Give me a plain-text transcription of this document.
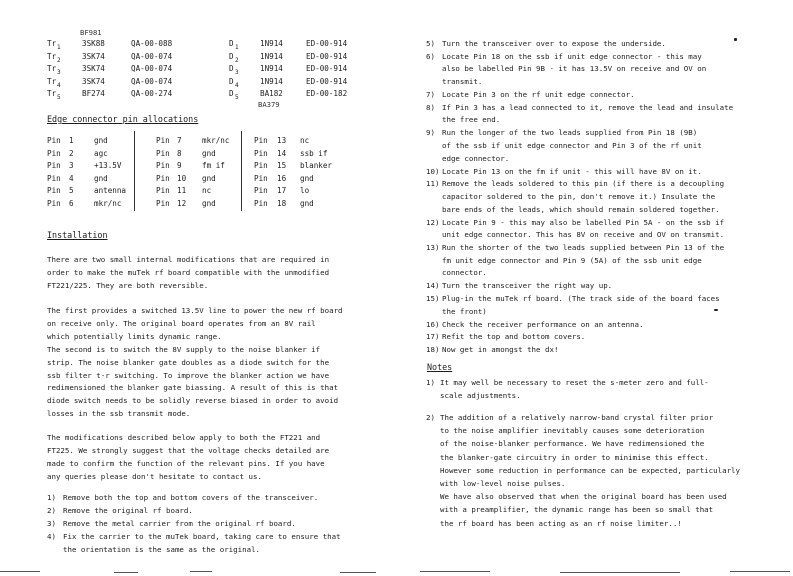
BF981
BA379
Tr 1	3SK88	QA-00-088	D 1	1N914	ED-00-914
Tr 2	3SK74	QA-00-074	D 2	1N914	ED-00-914
Tr 3	3SK74	QA-00-074	D 3	1N914	ED-00-914
Tr 4	3SK74	QA-00-074	D 4	1N914	ED-00-914
Tr 5	BF274	QA-00-274	D 5	BA182	ED-00-182
Edge connector pin allocations
Pin 1	gnd	Pin 7	mkr/nc	Pin 13 nc
Pin 2	agc	Pin 8	gnd	Pin 14 ssb if
Pin 3	+13.5V	Pin 9	fm if	Pin 15 blanker
Pin 4	gnd	Pin 10 gnd	Pin 16 gnd
Pin 5	antenna	Pin 11 nc	Pin 17 lo
Pin 6	mkr/nc	Pin 12 gnd	Pin 18 gnd
Installation
There are two small internal modifications that are required in
order to make the muTek rf board compatible with the unmodified
FT221/225. They are both reversible.
The first provides a switched 13.5V line to power the new rf board
on receive only. The original board operates from an 8V rail
which potentially limits dynamic range.
The second is to switch the 8V supply to the noise blanker if
strip. The noise blanker gate doubles as a diode switch for the
ssb filter t-r switching. To improve the blanker action we have
redimensioned the blanker gate biassing. A result of this is that
diode switch needs to be solidly reverse biased in order to avoid
losses in the ssb transmit mode.
The modifications described below apply to both the FT221 and
FT225. We strongly suggest that the voltage checks detailed are
made to confirm the function of the relevant pins. If you have
any queries please don't hesitate to contact us.
1) Remove both the top and bottom covers of the transceiver.
2) Remove the original rf board.
3) Remove the metal carrier from the original rf board.
4) Fix the carrier to the muTek board, taking care to ensure that
the orientation is the same as the original.
5) Turn the transceiver over to expose the underside.
6) Locate Pin 18 on the ssb if unit edge connector - this may
also be labelled Pin 9B - it has 13.5V on receive and OV on
transmit.
7) Locate Pin 3 on the rf unit edge connector.
8) If Pin 3 has a lead connected to it, remove the lead and insulate
the free end.
9) Run the longer of the two leads supplied from Pin 18 (9B)
of the ssb if unit edge connector and Pin 3 of the rf unit
edge connector.
10) Locate Pin 13 on the fm if unit - this will have 8V on it.
11) Remove the leads soldered to this pin (if there is a decoupling
capacitor soldered to the pin, don't remove it.) Insulate the
bare ends of the leads, which should remain soldered together.
12) Locate Pin 9 - this may also be labelled Pin 5A - on the ssb if
unit edge connector. This has 8V on receive and OV on transmit.
13) Run the shorter of the two leads supplied between Pin 13 of the
fm unit edge connector and Pin 9 (5A) of the ssb unit edge
connector.
14) Turn the transceiver the right way up.
15) Plug-in the muTek rf board. (The track side of the board faces
the front)
16) Check the receiver performance on an antenna.
17) Refit the top and bottom covers.
18) Now get in amongst the dx!
Notes
1) It may well be necessary to reset the s-meter zero and full-
scale adjustments.
2) The addition of a relatively narrow-band crystal filter prior
to the noise amplifier inevitably causes some deterioration
of the noise-blanker performance. We have redimensioned the
the blanker-gate circuitry in order to minimise this effect.
However some reduction in performance can be expected, particularly
with low-level noise pulses.
We have also observed that when the original board has been used
with a preamplifier, the dynamic range has been so small that
the rf board has been acting as an rf noise limiter..!
